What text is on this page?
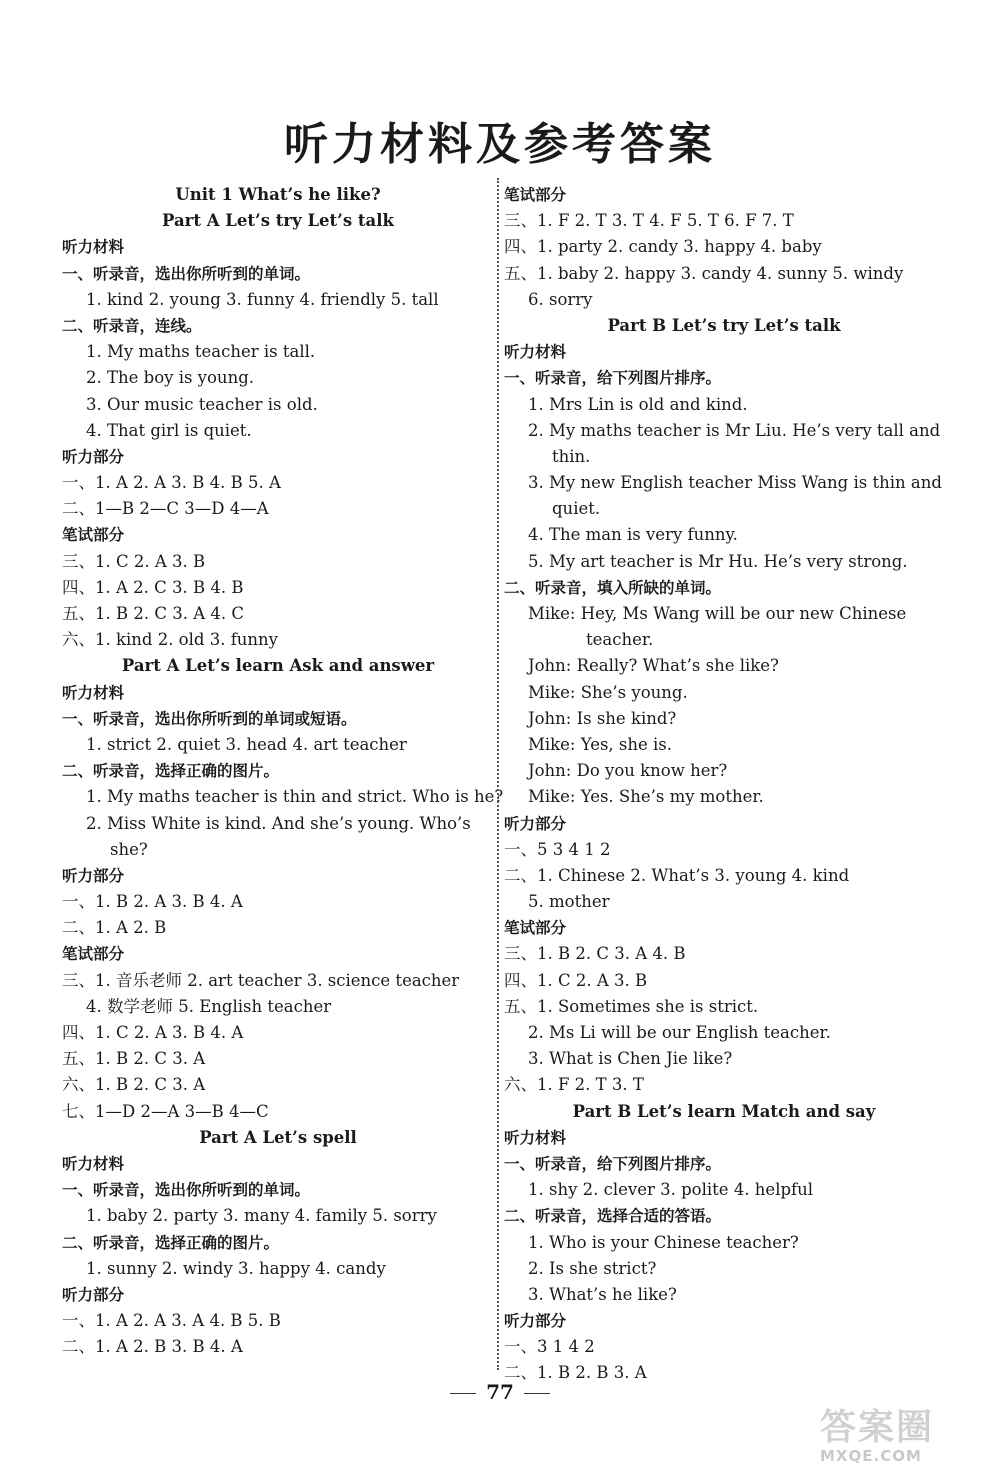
听力材料及参考答案
Unit 1 What’s he like?
Part A Let’s try Let’s talk
听力材料
一、听录音，选出你所听到的单词。
1. kind 2. young 3. funny 4. friendly 5. tall
二、听录音，连线。
1. My maths teacher is tall.
2. The boy is young.
3. Our music teacher is old.
4. That girl is quiet.
听力部分
一、1. A 2. A 3. B 4. B 5. A
二、1—B 2—C 3—D 4—A
笔试部分
三、1. C 2. A 3. B
四、1. A 2. C 3. B 4. B
五、1. B 2. C 3. A 4. C
六、1. kind 2. old 3. funny
Part A Let’s learn Ask and answer
听力材料
一、听录音，选出你所听到的单词或短语。
1. strict 2. quiet 3. head 4. art teacher
二、听录音，选择正确的图片。
1. My maths teacher is thin and strict. Who is he?
2. Miss White is kind. And she’s young. Who’s
she?
听力部分
一、1. B 2. A 3. B 4. A
二、1. A 2. B
笔试部分
三、1. 音乐老师 2. art teacher 3. science teacher
4. 数学老师 5. English teacher
四、1. C 2. A 3. B 4. A
五、1. B 2. C 3. A
六、1. B 2. C 3. A
七、1—D 2—A 3—B 4—C
Part A Let’s spell
听力材料
一、听录音，选出你所听到的单词。
1. baby 2. party 3. many 4. family 5. sorry
二、听录音，选择正确的图片。
1. sunny 2. windy 3. happy 4. candy
听力部分
一、1. A 2. A 3. A 4. B 5. B
二、1. A 2. B 3. B 4. A
笔试部分
三、1. F 2. T 3. T 4. F 5. T 6. F 7. T
四、1. party 2. candy 3. happy 4. baby
五、1. baby 2. happy 3. candy 4. sunny 5. windy
6. sorry
Part B Let’s try Let’s talk
听力材料
一、听录音，给下列图片排序。
1. Mrs Lin is old and kind.
2. My maths teacher is Mr Liu. He’s very tall and
thin.
3. My new English teacher Miss Wang is thin and
quiet.
4. The man is very funny.
5. My art teacher is Mr Hu. He’s very strong.
二、听录音，填入所缺的单词。
Mike: Hey, Ms Wang will be our new Chinese
teacher.
John: Really? What’s she like?
Mike: She’s young.
John: Is she kind?
Mike: Yes, she is.
John: Do you know her?
Mike: Yes. She’s my mother.
听力部分
一、5 3 4 1 2
二、1. Chinese 2. What’s 3. young 4. kind
5. mother
笔试部分
三、1. B 2. C 3. A 4. B
四、1. C 2. A 3. B
五、1. Sometimes she is strict.
2. Ms Li will be our English teacher.
3. What is Chen Jie like?
六、1. F 2. T 3. T
Part B Let’s learn Match and say
听力材料
一、听录音，给下列图片排序。
1. shy 2. clever 3. polite 4. helpful
二、听录音，选择合适的答语。
1. Who is your Chinese teacher?
2. Is she strict?
3. What’s he like?
听力部分
一、3 1 4 2
二、1. B 2. B 3. A
77
答案圈
MXQE.COM
